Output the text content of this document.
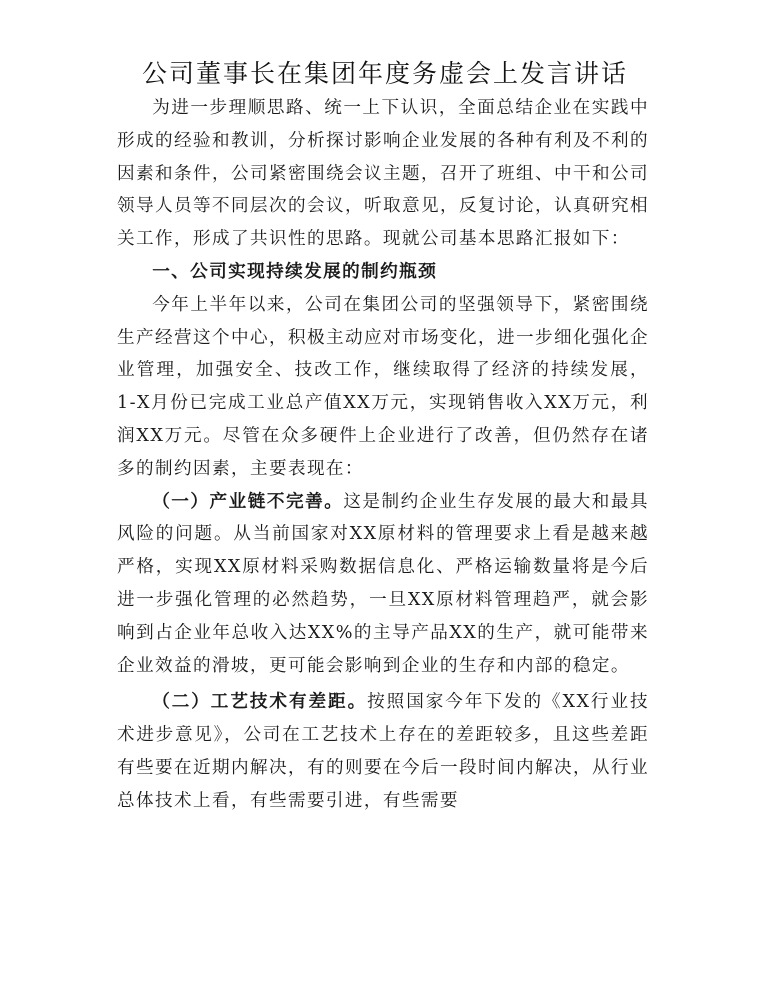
公司董事长在集团年度务虚会上发言讲话

为进一步理顺思路、统一上下认识，全面总结企业在实践中形成的经验和教训，分析探讨影响企业发展的各种有利及不利的因素和条件，公司紧密围绕会议主题，召开了班组、中干和公司领导人员等不同层次的会议，听取意见，反复讨论，认真研究相关工作，形成了共识性的思路。现就公司基本思路汇报如下：

一、公司实现持续发展的制约瓶颈

今年上半年以来，公司在集团公司的坚强领导下，紧密围绕生产经营这个中心，积极主动应对市场变化，进一步细化强化企业管理，加强安全、技改工作，继续取得了经济的持续发展，1-X月份已完成工业总产值XX万元，实现销售收入XX万元，利润XX万元。尽管在众多硬件上企业进行了改善，但仍然存在诸多的制约因素，主要表现在：

（一）产业链不完善。这是制约企业生存发展的最大和最具风险的问题。从当前国家对XX原材料的管理要求上看是越来越严格，实现XX原材料采购数据信息化、严格运输数量将是今后进一步强化管理的必然趋势，一旦XX原材料管理趋严，就会影响到占企业年总收入达XX%的主导产品XX的生产，就可能带来企业效益的滑坡，更可能会影响到企业的生存和内部的稳定。

（二）工艺技术有差距。按照国家今年下发的《XX行业技术进步意见》，公司在工艺技术上存在的差距较多，且这些差距有些要在近期内解决，有的则要在今后一段时间内解决，从行业总体技术上看，有些需要引进，有些需要
